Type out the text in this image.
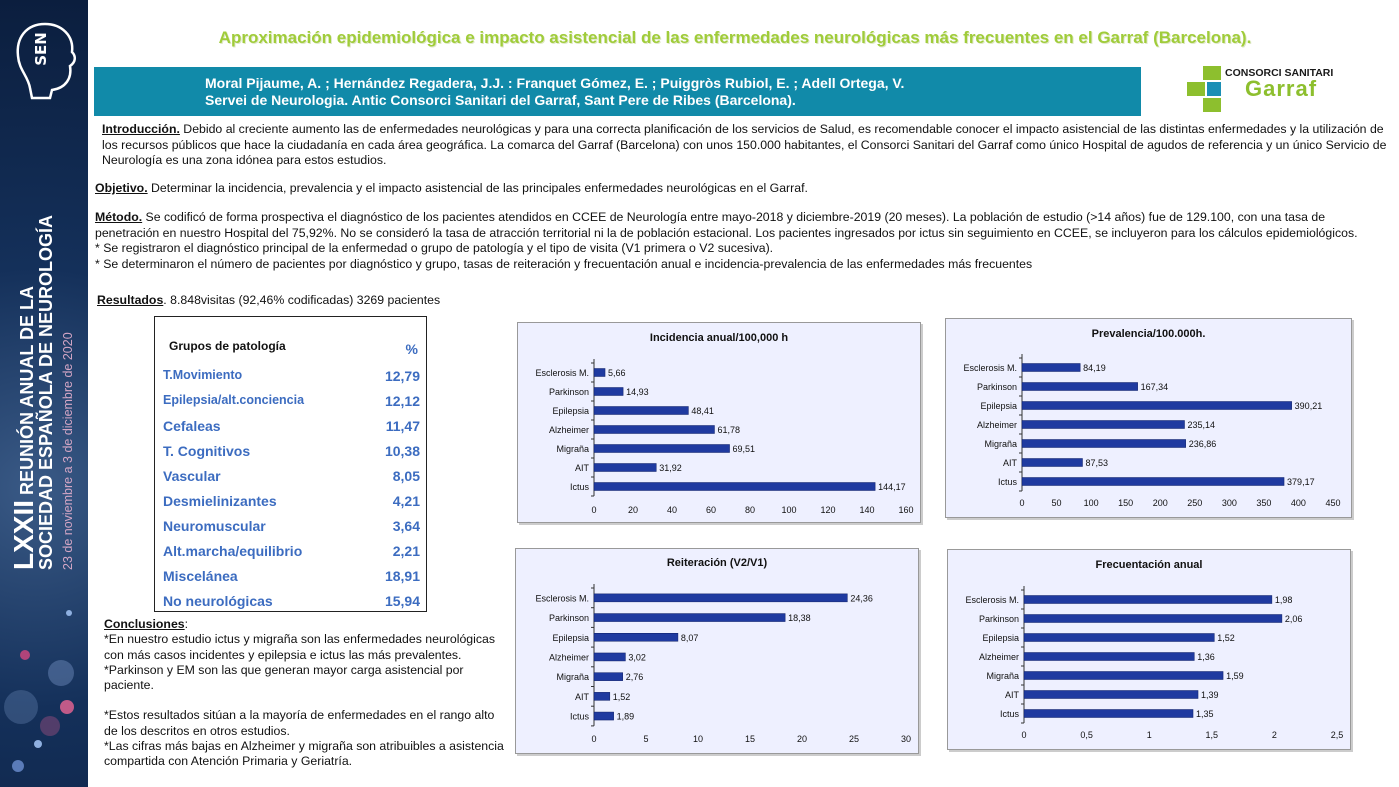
SEN
LXXII REUNIÓN ANUAL DE LA SOCIEDAD ESPAÑOLA DE NEUROLOGÍA 23 de noviembre a 3 de diciembre de 2020
Aproximación epidemiológica e impacto asistencial de las enfermedades neurológicas más frecuentes en el Garraf (Barcelona).
Moral Pijaume, A. ; Hernández Regadera, J.J. : Franquet Gómez, E. ; Puiggròs Rubiol, E. ; Adell Ortega, V.
Servei de Neurologia. Antic Consorci Sanitari del Garraf, Sant Pere de Ribes (Barcelona).
CONSORCI SANITARI
Garraf
Introducción. Debido al creciente aumento las de enfermedades neurológicas y para una correcta planificación de los servicios de Salud, es recomendable conocer el impacto asistencial de las distintas enfermedades y la utilización de los recursos públicos que hace la ciudadanía en cada área geográfica. La comarca del Garraf (Barcelona) con unos 150.000 habitantes, el Consorci Sanitari del Garraf como único Hospital de agudos de referencia y un único Servicio de Neurología es una zona idónea para estos estudios.
Objetivo. Determinar la incidencia, prevalencia y el impacto asistencial de las principales enfermedades neurológicas en el Garraf.
Método. Se codificó de forma prospectiva el diagnóstico de los pacientes atendidos en CCEE de Neurología entre mayo-2018 y diciembre-2019 (20 meses). La población de estudio (>14 años) fue de 129.100, con una tasa de penetración en nuestro Hospital del 75,92%. No se consideró la tasa de atracción territorial ni la de población estacional. Los pacientes ingresados por ictus sin seguimiento en CCEE, se incluyeron para los cálculos epidemiológicos.
* Se registraron el diagnóstico principal de la enfermedad o grupo de patología y el tipo de visita (V1 primera o V2 sucesiva).
* Se determinaron el número de pacientes por diagnóstico y grupo, tasas de reiteración y frecuentación anual e incidencia-prevalencia de las enfermedades más frecuentes
Resultados. 8.848visitas (92,46% codificadas) 3269 pacientes
Grupos de patología	%
T.Movimiento	12,79
Epilepsia/alt.conciencia	12,12
Cefaleas	11,47
T. Cognitivos	10,38
Vascular	8,05
Desmielinizantes	4,21
Neuromuscular	3,64
Alt.marcha/equilibrio	2,21
Miscelánea	18,91
No neurológicas	15,94
Conclusiones:
*En nuestro estudio ictus y migraña son las enfermedades neurológicas con más casos incidentes y epilepsia e ictus las más prevalentes.
*Parkinson y EM son las que generan mayor carga asistencial por paciente.
*Estos resultados sitúan a la mayoría de enfermedades en el rango alto de los descritos en otros estudios.
*Las cifras más bajas en Alzheimer y migraña son atribuibles a asistencia compartida con Atención Primaria y Geriatría.
Incidencia anual/100,000 h
Esclerosis M. 5,66
Parkinson	14,93
Epilepsia	48,41
Alzheimer	61,78
Migraña	69,51
AIT	31,92
Ictus	144,17
0	20	40	60	80	100	120	140	160
Prevalencia/100.000h.
Esclerosis M.	84,19
Parkinson	167,34
Epilepsia	390,21
Alzheimer	235,14
Migraña	236,86
AIT	87,53
Ictus	379,17
0	50 100 150 200 250 300 350 400 450
Reiteración (V2/V1)
Esclerosis M.	24,36
Parkinson	18,38
Epilepsia	8,07
Alzheimer	3,02
Migraña	2,76
AIT	1,52
Ictus	1,89
0	5	10	15	20	25	30
Frecuentación anual
Esclerosis M.	1,98
Parkinson	2,06
Epilepsia	1,52
Alzheimer	1,36
Migraña	1,59
AIT	1,39
Ictus	1,35
0	0,5	1	1,5	2	2,5
